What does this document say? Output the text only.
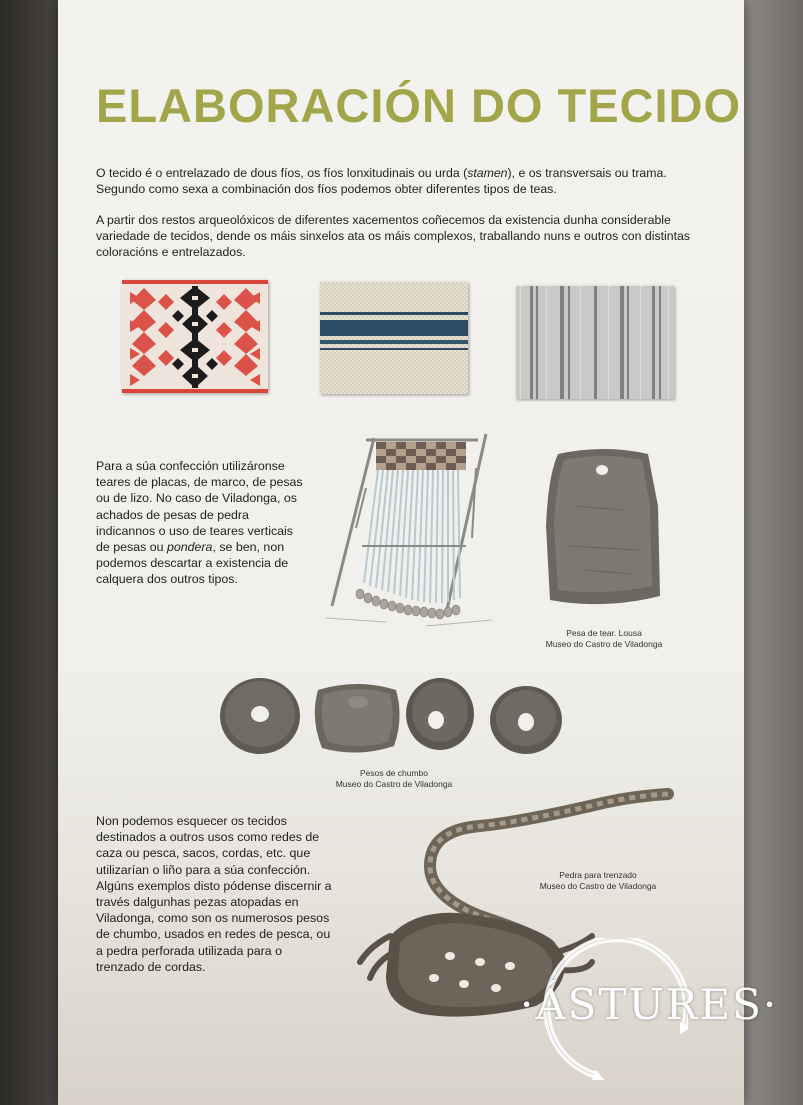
ELABORACIÓN DO TECIDO
O tecido é o entrelazado de dous fíos, os fíos lonxitudinais ou urda (stamen), e os transversais ou trama. Segundo como sexa a combinación dos fíos podemos obter diferentes tipos de teas.
A partir dos restos arqueolóxicos de diferentes xacementos coñecemos da existencia dunha considerable variedade de tecidos, dende os máis sinxelos ata os máis complexos, traballando nuns e outros con distintas coloracións e entrelazados.
Para a súa confección utilizáronse teares de placas, de marco, de pesas ou de lizo. No caso de Viladonga, os achados de pesas de pedra indicannos o uso de teares verticais de pesas ou pondera, se ben, non podemos descartar a existencia de calquera dos outros tipos.
Pesa de tear. Lousa
Museo do Castro de Viladonga
Pesos de chumbo
Museo do Castro de Viladonga
Non podemos esquecer os tecidos destinados a outros usos como redes de caza ou pesca, sacos, cordas, etc. que utilizarían o liño para a súa confección. Algúns exemplos disto pódense discernir a través dalgunhas pezas atopadas en Viladonga, como son os numerosos pesos de chumbo, usados en redes de pesca, ou a pedra perforada utilizada para o trenzado de cordas.
Pedra para trenzado
Museo do Castro de Viladonga
·ÁSTURES·
